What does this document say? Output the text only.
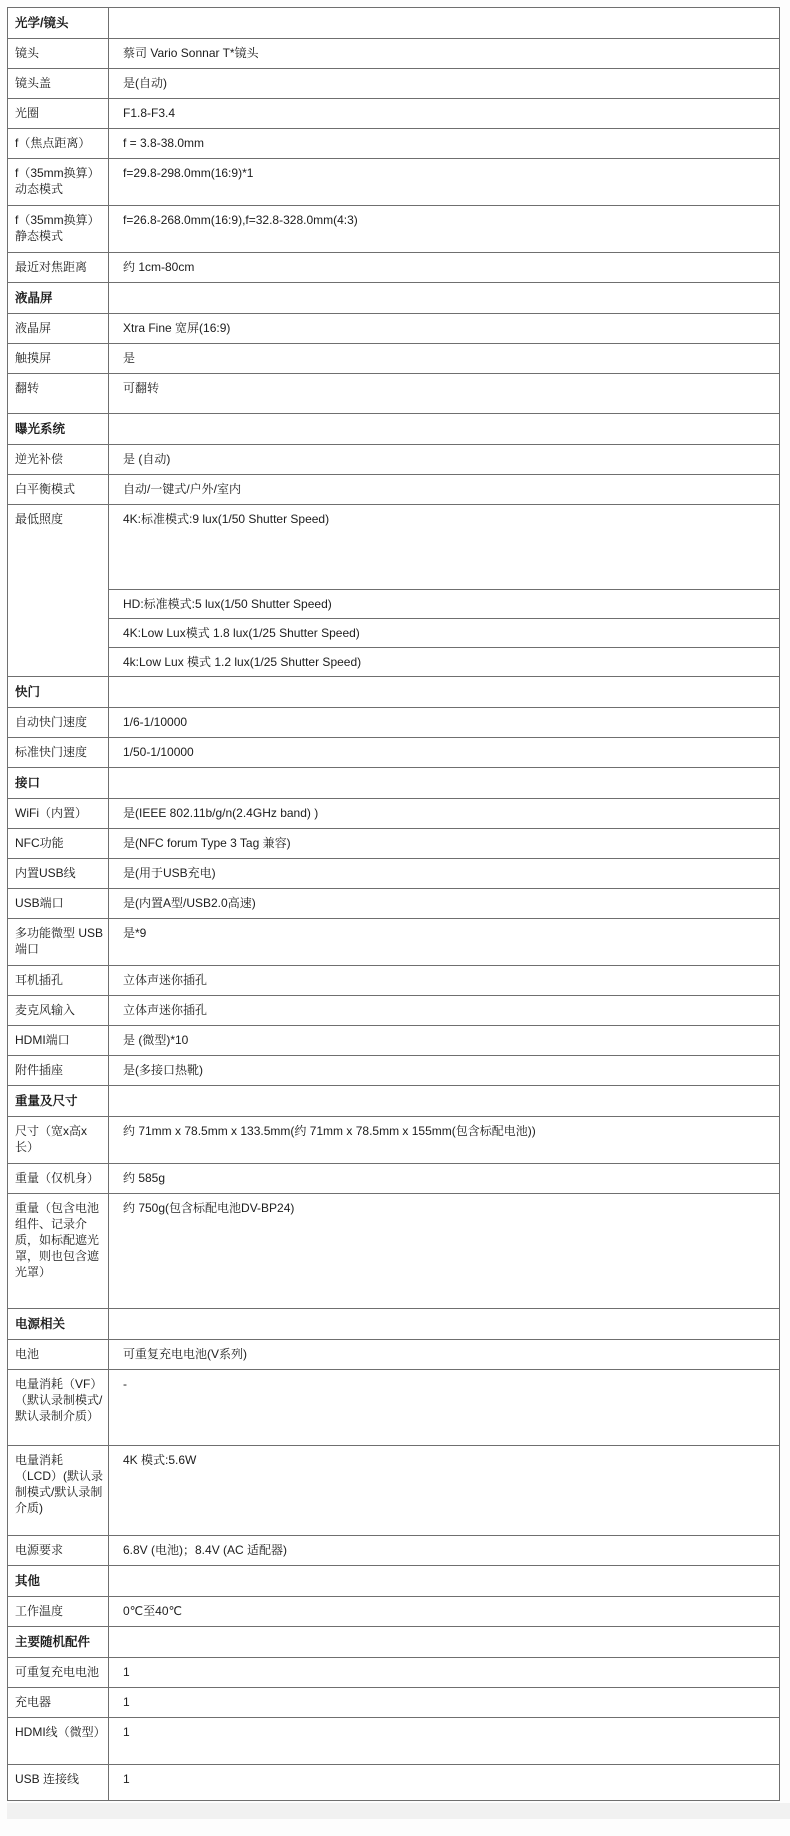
光学/镜头	
镜头	蔡司 Vario Sonnar T*镜头
镜头盖	是(自动)
光圈	F1.8-F3.4
f（焦点距离）	f = 3.8-38.0mm
f（35mm换算）动态模式	f=29.8-298.0mm(16:9)*1
f（35mm换算）静态模式	f=26.8-268.0mm(16:9),f=32.8-328.0mm(4:3)
最近对焦距离	约 1cm-80cm
液晶屏	
液晶屏	Xtra Fine 宽屏(16:9)
触摸屏	是
翻转	可翻转
曝光系统	
逆光补偿	是 (自动)
白平衡模式	自动/一键式/户外/室内
最低照度	4K:标准模式:9 lux(1/50 Shutter Speed)
	HD:标准模式:5 lux(1/50 Shutter Speed)
	4K:Low Lux模式 1.8 lux(1/25 Shutter Speed)
	4k:Low Lux 模式 1.2 lux(1/25 Shutter Speed)
快门	
自动快门速度	1/6-1/10000
标准快门速度	1/50-1/10000
接口	
WiFi（内置）	是(IEEE 802.11b/g/n(2.4GHz band) )
NFC功能	是(NFC forum Type 3 Tag 兼容)
内置USB线	是(用于USB充电)
USB端口	是(内置A型/USB2.0高速)
多功能微型 USB端口	是*9
耳机插孔	立体声迷你插孔
麦克风输入	立体声迷你插孔
HDMI端口	是 (微型)*10
附件插座	是(多接口热靴)
重量及尺寸	
尺寸（宽x高x长）	约 71mm x 78.5mm x 133.5mm(约 71mm x 78.5mm x 155mm(包含标配电池))
重量（仅机身）	约 585g
重量（包含电池组件、记录介质，如标配遮光罩，则也包含遮光罩）	约 750g(包含标配电池DV-BP24)
电源相关	
电池	可重复充电电池(V系列)
电量消耗（VF）（默认录制模式/默认录制介质）	-
电量消耗（LCD）(默认录制模式/默认录制介质)	4K 模式:5.6W
电源要求	6.8V (电池)；8.4V (AC 适配器)
其他	
工作温度	0℃至40℃
主要随机配件	
可重复充电电池	1
充电器	1
HDMI线（微型）	1
USB 连接线	1
